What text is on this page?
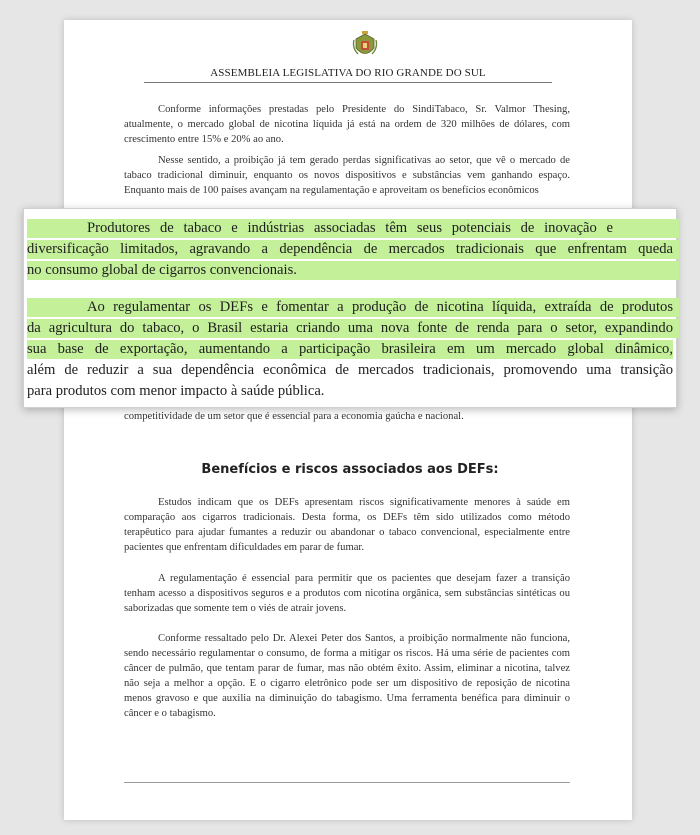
ASSEMBLEIA LEGISLATIVA DO RIO GRANDE DO SUL

Conforme informações prestadas pelo Presidente do SindiTabaco, Sr. Valmor Thesing, atualmente, o mercado global de nicotina líquida já está na ordem de 320 milhões de dólares, com crescimento entre 15% e 20% ao ano.

Nesse sentido, a proibição já tem gerado perdas significativas ao setor, que vê o mercado de tabaco tradicional diminuir, enquanto os novos dispositivos e substâncias vem ganhando espaço. Enquanto mais de 100 países avançam na regulamentação e aproveitam os benefícios econômicos

competitividade de um setor que é essencial para a economia gaúcha e nacional.

Benefícios e riscos associados aos DEFs:

Estudos indicam que os DEFs apresentam riscos significativamente menores à saúde em comparação aos cigarros tradicionais. Desta forma, os DEFs têm sido utilizados como método terapêutico para ajudar fumantes a reduzir ou abandonar o tabaco convencional, especialmente entre pacientes que enfrentam dificuldades em parar de fumar.

A regulamentação é essencial para permitir que os pacientes que desejam fazer a transição tenham acesso a dispositivos seguros e a produtos com nicotina orgânica, sem substâncias sintéticas ou saborizadas que somente tem o viés de atrair jovens.

Conforme ressaltado pelo Dr. Alexei Peter dos Santos, a proibição normalmente não funciona, sendo necessário regulamentar o consumo, de forma a mitigar os riscos. Há uma série de pacientes com câncer de pulmão, que tentam parar de fumar, mas não obtém êxito. Assim, eliminar a nicotina, talvez não seja a melhor a opção. E o cigarro eletrônico pode ser um dispositivo de reposição de nicotina menos gravoso e que auxilia na diminuição do tabagismo. Uma ferramenta benéfica para diminuir o câncer e o tabagismo.

Produtores de tabaco e indústrias associadas têm seus potenciais de inovação e
diversificação limitados, agravando a dependência de mercados tradicionais que enfrentam queda
no consumo global de cigarros convencionais.
Ao regulamentar os DEFs e fomentar a produção de nicotina líquida, extraída de produtos
da agricultura do tabaco, o Brasil estaria criando uma nova fonte de renda para o setor, expandindo
sua base de exportação, aumentando a participação brasileira em um mercado global dinâmico,
além de reduzir a sua dependência econômica de mercados tradicionais, promovendo uma transição
para produtos com menor impacto à saúde pública.
